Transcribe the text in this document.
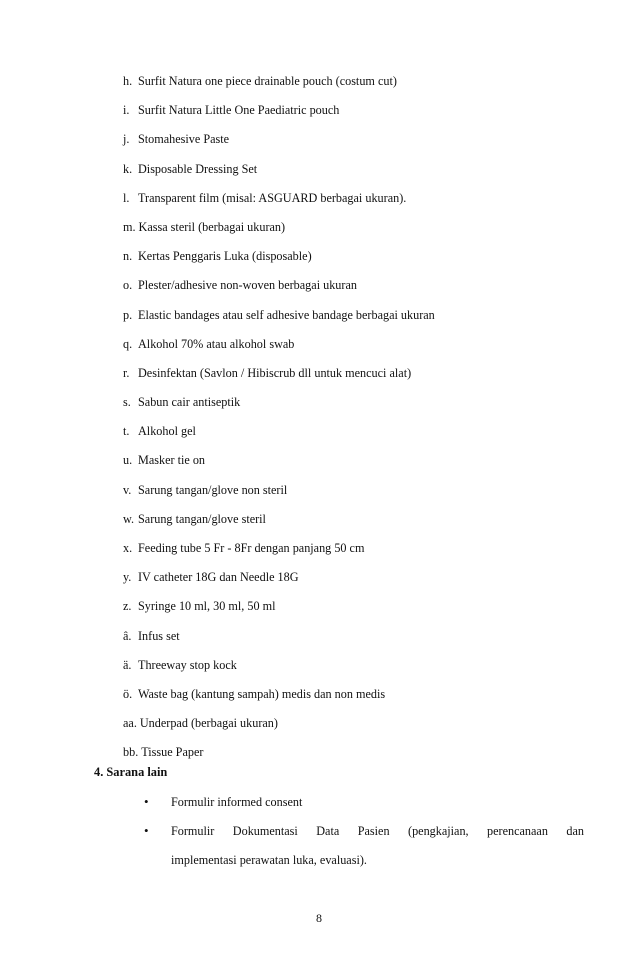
h. Surfit Natura one piece drainable pouch (costum cut)
i. Surfit Natura Little One Paediatric pouch
j. Stomahesive Paste
k. Disposable Dressing Set
l. Transparent film (misal: ASGUARD berbagai ukuran).
m. Kassa steril (berbagai ukuran)
n. Kertas Penggaris Luka (disposable)
o. Plester/adhesive non-woven berbagai ukuran
p. Elastic bandages atau self adhesive bandage berbagai ukuran
q. Alkohol 70% atau alkohol swab
r. Desinfektan (Savlon / Hibiscrub dll untuk mencuci alat)
s. Sabun cair antiseptik
t. Alkohol gel
u. Masker tie on
v. Sarung tangan/glove non steril
w. Sarung tangan/glove steril
x. Feeding tube 5 Fr - 8Fr dengan panjang 50 cm
y. IV catheter 18G dan Needle 18G
z. Syringe 10 ml, 30 ml, 50 ml
â. Infus set
ä. Threeway stop kock
ö. Waste bag (kantung sampah) medis dan non medis
aa. Underpad (berbagai ukuran)
bb. Tissue Paper
4. Sarana lain
• Formulir informed consent
• Formulir Dokumentasi Data Pasien (pengkajian, perencanaan dan
implementasi perawatan luka, evaluasi).
8
